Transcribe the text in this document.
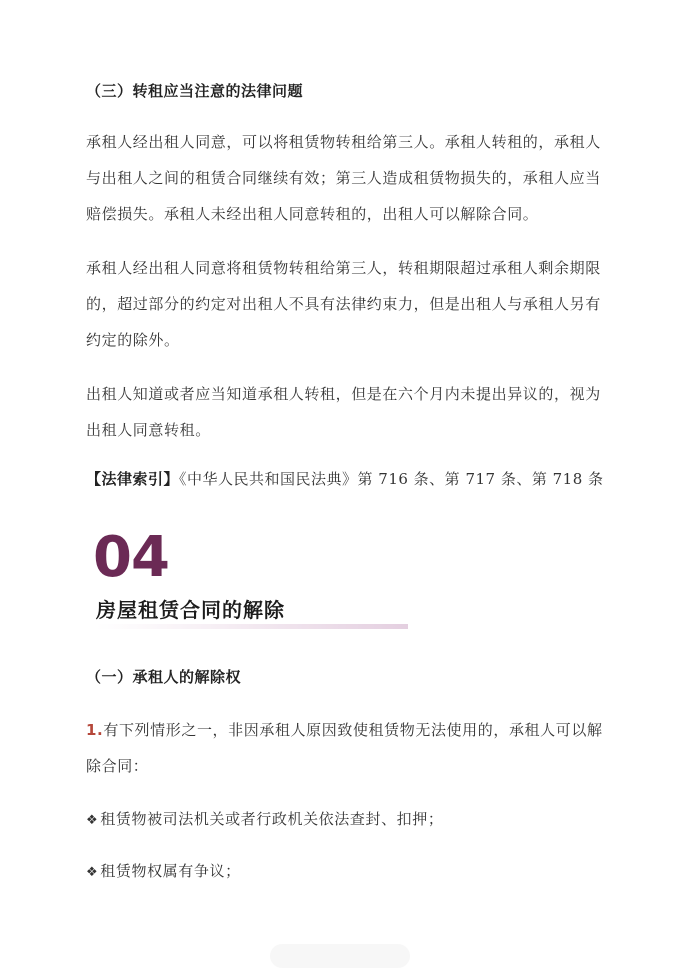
（三）转租应当注意的法律问题
承租人经出租人同意，可以将租赁物转租给第三人。承租人转租的，承租人与出租人之间的租赁合同继续有效；第三人造成租赁物损失的，承租人应当赔偿损失。承租人未经出租人同意转租的，出租人可以解除合同。
承租人经出租人同意将租赁物转租给第三人，转租期限超过承租人剩余期限的，超过部分的约定对出租人不具有法律约束力，但是出租人与承租人另有约定的除外。
出租人知道或者应当知道承租人转租，但是在六个月内未提出异议的，视为出租人同意转租。
【法律索引】《中华人民共和国民法典》第 716 条、第 717 条、第 718 条
04
房屋租赁合同的解除
（一）承租人的解除权
1.有下列情形之一，非因承租人原因致使租赁物无法使用的，承租人可以解除合同：
❖ 租赁物被司法机关或者行政机关依法查封、扣押；
❖ 租赁物权属有争议；
